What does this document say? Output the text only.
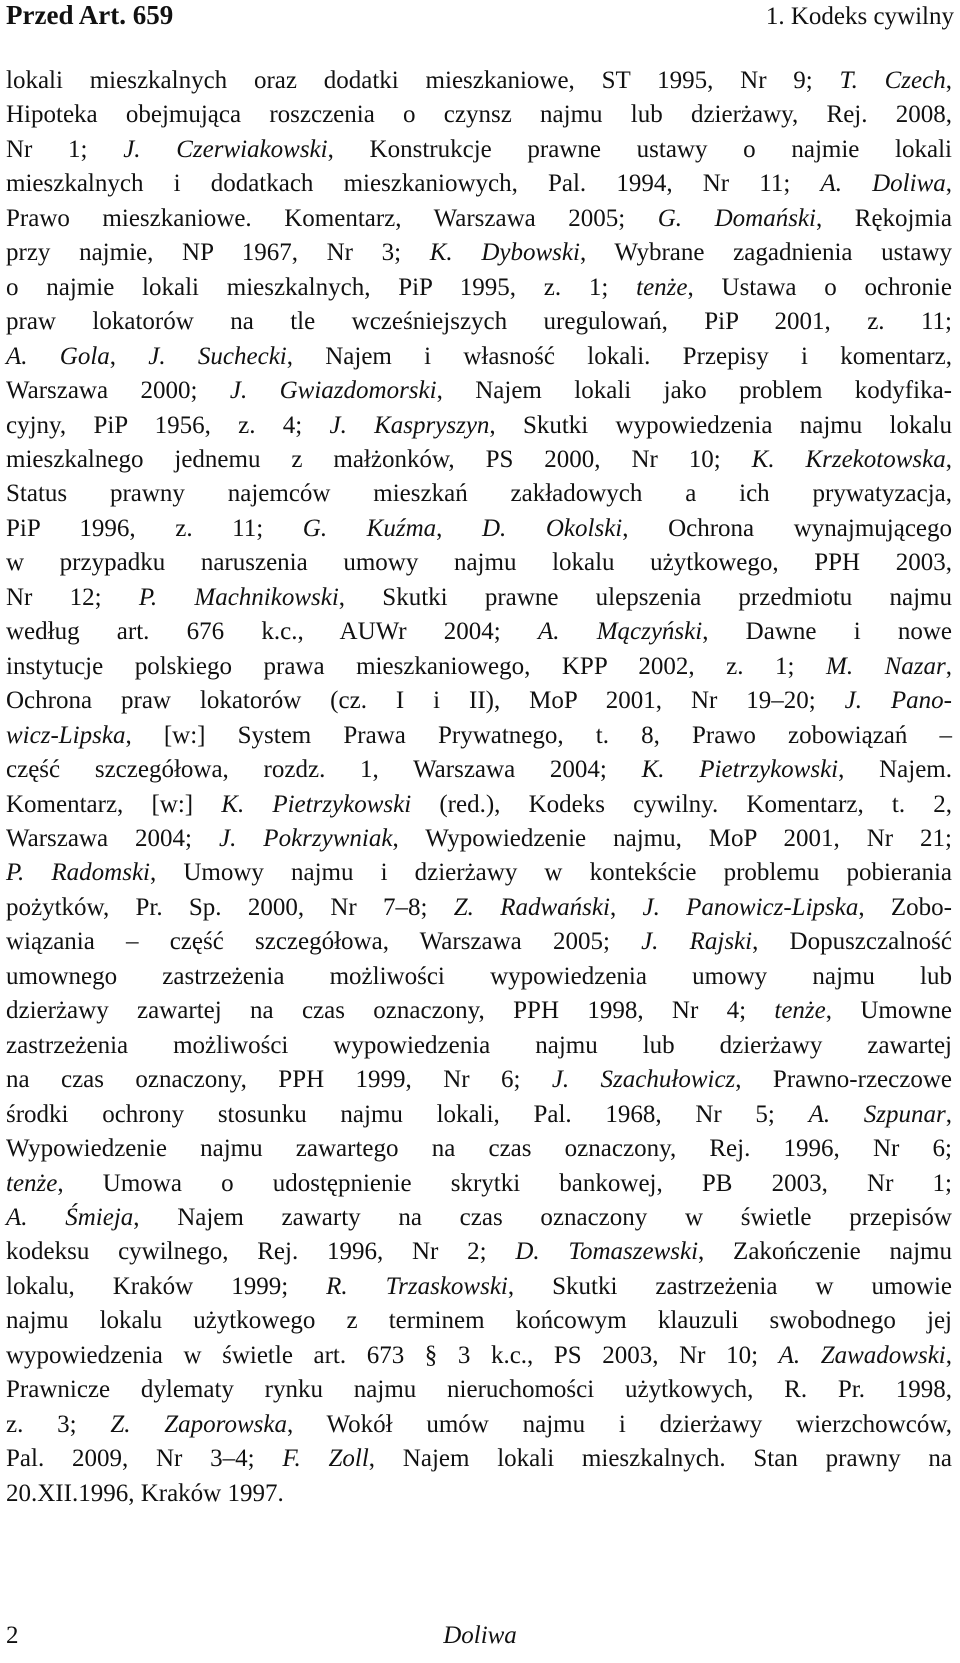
Przed Art. 659	1. Kodeks cywilny
lokali mieszkalnych oraz dodatki mieszkaniowe, ST 1995, Nr 9; T. Czech,
Hipoteka obejmująca roszczenia o czynsz najmu lub dzierżawy, Rej. 2008,
Nr 1; J. Czerwiakowski, Konstrukcje prawne ustawy o najmie lokali
mieszkalnych i dodatkach mieszkaniowych, Pal. 1994, Nr 11; A. Doliwa,
Prawo mieszkaniowe. Komentarz, Warszawa 2005; G. Domański, Rękojmia
przy najmie, NP 1967, Nr 3; K. Dybowski, Wybrane zagadnienia ustawy
o najmie lokali mieszkalnych, PiP 1995, z. 1; tenże, Ustawa o ochronie
praw lokatorów na tle wcześniejszych uregulowań, PiP 2001, z. 11;
A. Gola, J. Suchecki, Najem i własność lokali. Przepisy i komentarz,
Warszawa 2000; J. Gwiazdomorski, Najem lokali jako problem kodyfika-
cyjny, PiP 1956, z. 4; J. Kaspryszyn, Skutki wypowiedzenia najmu lokalu
mieszkalnego jednemu z małżonków, PS 2000, Nr 10; K. Krzekotowska,
Status prawny najemców mieszkań zakładowych a ich prywatyzacja,
PiP 1996, z. 11; G. Kuźma, D. Okolski, Ochrona wynajmującego
w przypadku naruszenia umowy najmu lokalu użytkowego, PPH 2003,
Nr 12; P. Machnikowski, Skutki prawne ulepszenia przedmiotu najmu
według art. 676 k.c., AUWr 2004; A. Mączyński, Dawne i nowe
instytucje polskiego prawa mieszkaniowego, KPP 2002, z. 1; M. Nazar,
Ochrona praw lokatorów (cz. I i II), MoP 2001, Nr 19–20; J. Pano-
wicz-Lipska, [w:] System Prawa Prywatnego, t. 8, Prawo zobowiązań –
część szczegółowa, rozdz. 1, Warszawa 2004; K. Pietrzykowski, Najem.
Komentarz, [w:] K. Pietrzykowski (red.), Kodeks cywilny. Komentarz, t. 2,
Warszawa 2004; J. Pokrzywniak, Wypowiedzenie najmu, MoP 2001, Nr 21;
P. Radomski, Umowy najmu i dzierżawy w kontekście problemu pobierania
pożytków, Pr. Sp. 2000, Nr 7–8; Z. Radwański, J. Panowicz-Lipska, Zobo-
wiązania – część szczegółowa, Warszawa 2005; J. Rajski, Dopuszczalność
umownego zastrzeżenia możliwości wypowiedzenia umowy najmu lub
dzierżawy zawartej na czas oznaczony, PPH 1998, Nr 4; tenże, Umowne
zastrzeżenia możliwości wypowiedzenia najmu lub dzierżawy zawartej
na czas oznaczony, PPH 1999, Nr 6; J. Szachułowicz, Prawno-rzeczowe
środki ochrony stosunku najmu lokali, Pal. 1968, Nr 5; A. Szpunar,
Wypowiedzenie najmu zawartego na czas oznaczony, Rej. 1996, Nr 6;
tenże, Umowa o udostępnienie skrytki bankowej, PB 2003, Nr 1;
A. Śmieja, Najem zawarty na czas oznaczony w świetle przepisów
kodeksu cywilnego, Rej. 1996, Nr 2; D. Tomaszewski, Zakończenie najmu
lokalu, Kraków 1999; R. Trzaskowski, Skutki zastrzeżenia w umowie
najmu lokalu użytkowego z terminem końcowym klauzuli swobodnego jej
wypowiedzenia w świetle art. 673 § 3 k.c., PS 2003, Nr 10; A. Zawadowski,
Prawnicze dylematy rynku najmu nieruchomości użytkowych, R. Pr. 1998,
z. 3; Z. Zaporowska, Wokół umów najmu i dzierżawy wierzchowców,
Pal. 2009, Nr 3–4; F. Zoll, Najem lokali mieszkalnych. Stan prawny na
20.XII.1996, Kraków 1997.
2	Doliwa
